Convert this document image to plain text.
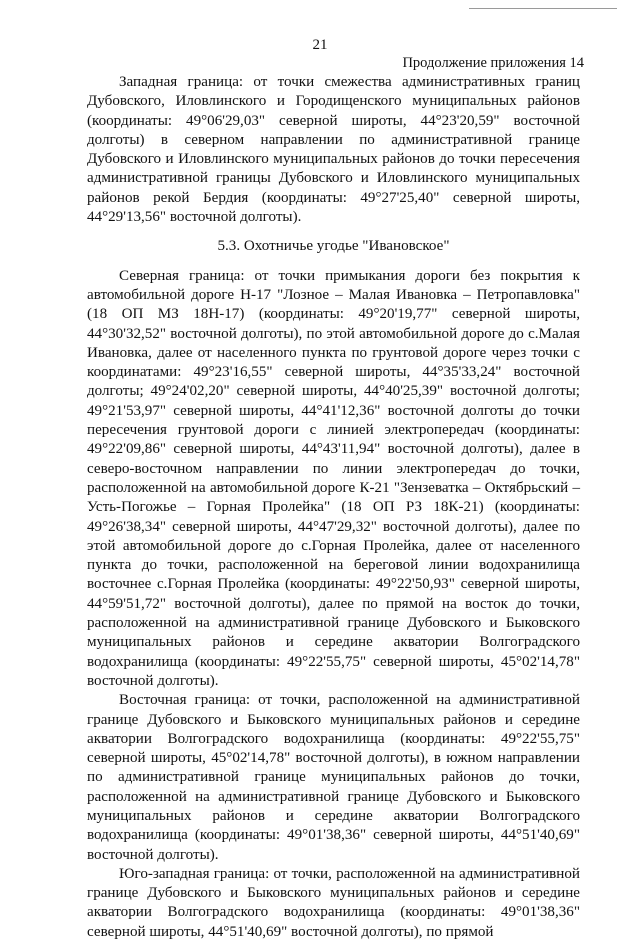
21
Продолжение приложения 14

Западная граница: от точки смежества административных границ Дубовского, Иловлинского и Городищенского муниципальных районов (координаты: 49°06'29,03" северной широты, 44°23'20,59" восточной долготы) в северном направлении по административной границе Дубовского и Иловлинского муниципальных районов до точки пересечения административной границы Дубовского и Иловлинского муниципальных районов рекой Бердия (координаты: 49°27'25,40" северной широты, 44°29'13,56" восточной долготы).

5.3. Охотничье угодье "Ивановское"

Северная граница: от точки примыкания дороги без покрытия к автомобильной дороге Н-17 "Лозное – Малая Ивановка – Петропавловка" (18 ОП МЗ 18Н-17) (координаты: 49°20'19,77" северной широты, 44°30'32,52" восточной долготы), по этой автомобильной дороге до с.Малая Ивановка, далее от населенного пункта по грунтовой дороге через точки с координатами: 49°23'16,55" северной широты, 44°35'33,24" восточной долготы; 49°24'02,20" северной широты, 44°40'25,39" восточной долготы; 49°21'53,97" северной широты, 44°41'12,36" восточной долготы до точки пересечения грунтовой дороги с линией электропередач (координаты: 49°22'09,86" северной широты, 44°43'11,94" восточной долготы), далее в северо-восточном направлении по линии электропередач до точки, расположенной на автомобильной дороге К-21 "Зензеватка – Октябрьский – Усть-Погожье – Горная Пролейка" (18 ОП РЗ 18К-21) (координаты: 49°26'38,34" северной широты, 44°47'29,32" восточной долготы), далее по этой автомобильной дороге до с.Горная Пролейка, далее от населенного пункта до точки, расположенной на береговой линии водохранилища восточнее с.Горная Пролейка (координаты: 49°22'50,93" северной широты, 44°59'51,72" восточной долготы), далее по прямой на восток до точки, расположенной на административной границе Дубовского и Быковского муниципальных районов и середине акватории Волгоградского водохранилища (координаты: 49°22'55,75" северной широты, 45°02'14,78" восточной долготы).

Восточная граница: от точки, расположенной на административной границе Дубовского и Быковского муниципальных районов и середине акватории Волгоградского водохранилища (координаты: 49°22'55,75" северной широты, 45°02'14,78" восточной долготы), в южном направлении по административной границе муниципальных районов до точки, расположенной на административной границе Дубовского и Быковского муниципальных районов и середине акватории Волгоградского водохранилища (координаты: 49°01'38,36" северной широты, 44°51'40,69" восточной долготы).

Юго-западная граница: от точки, расположенной на административной границе Дубовского и Быковского муниципальных районов и середине акватории Волгоградского водохранилища (координаты: 49°01'38,36" северной широты, 44°51'40,69" восточной долготы), по прямой
